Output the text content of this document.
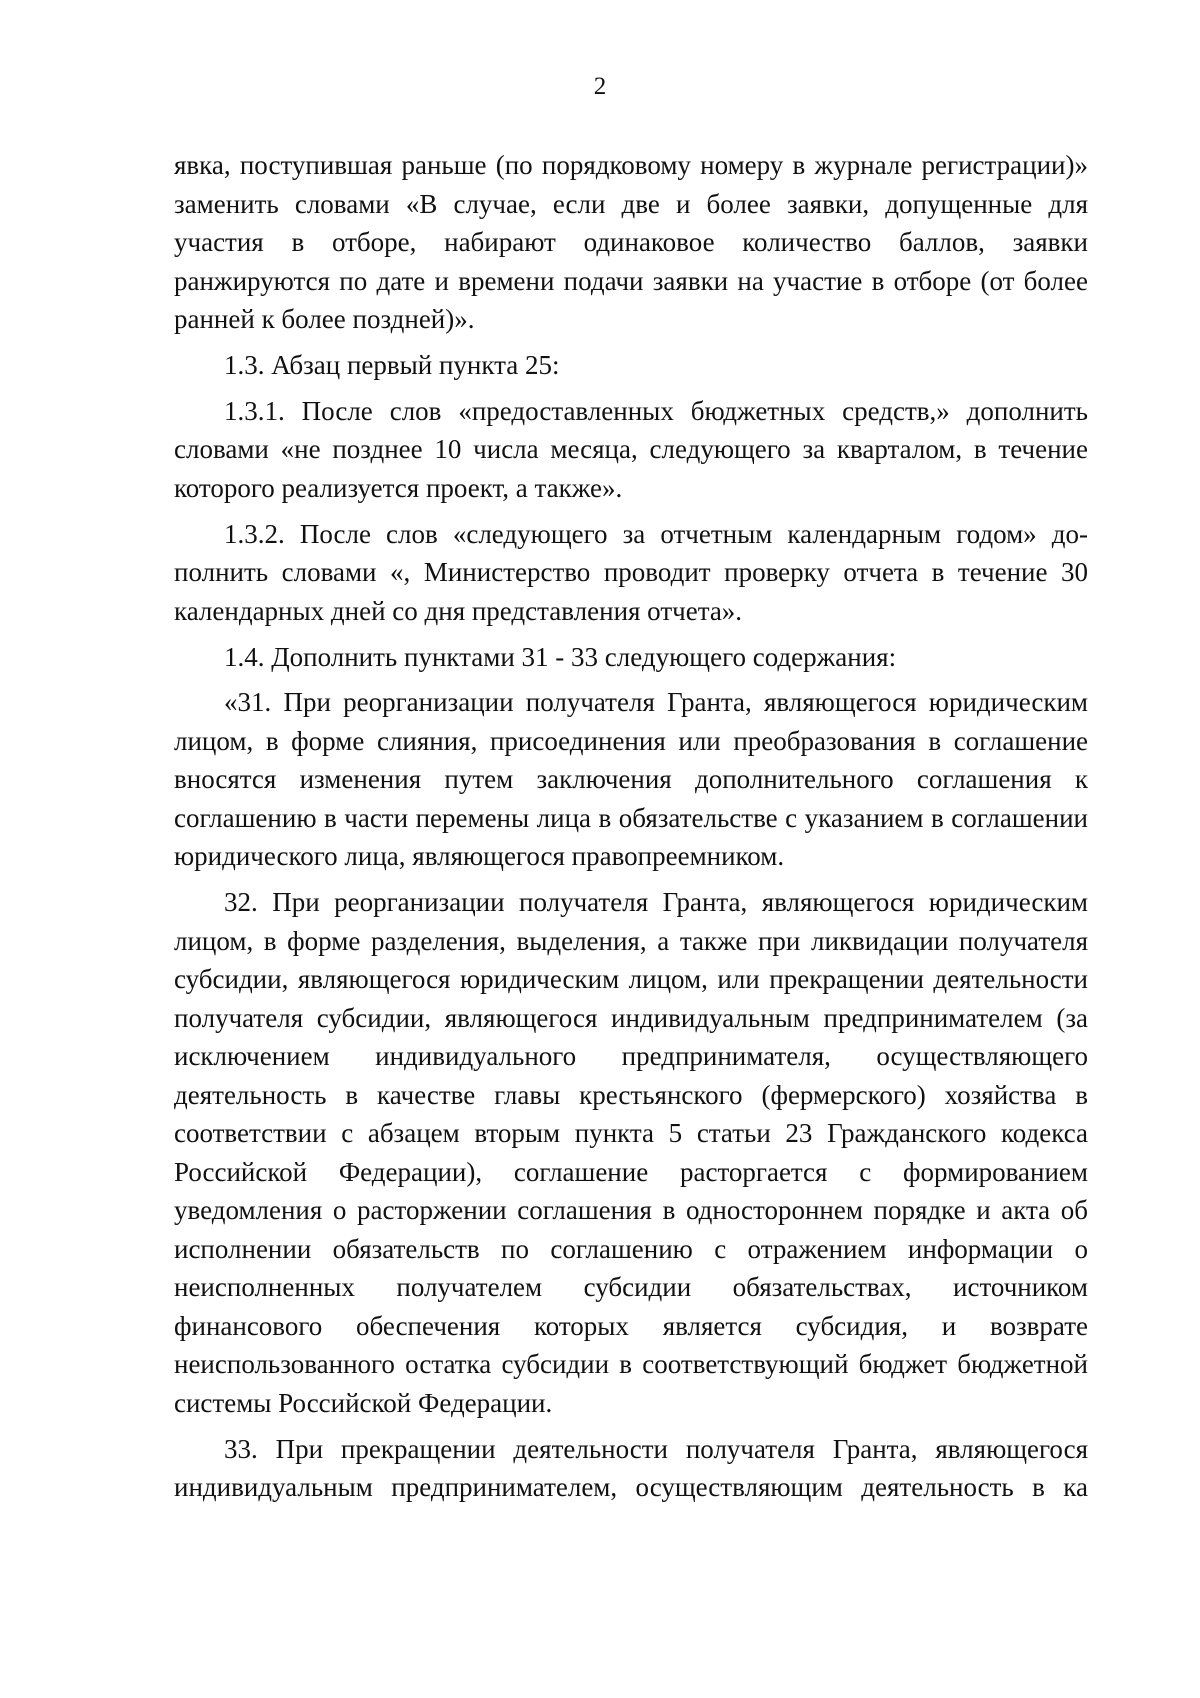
2

явка, поступившая раньше (по порядковому номеру в журнале регистрации)» заменить словами «В случае, если две и более заявки, допущенные для участия в отборе, набирают одинаковое количество баллов, заявки ранжируются по дате и времени подачи заявки на участие в отборе (от более ранней к более поздней)».

1.3. Абзац первый пункта 25:

1.3.1. После слов «предоставленных бюджетных средств,» дополнить словами «не позднее 10 числа месяца, следующего за кварталом, в течение которого реализуется проект, а также».

1.3.2. После слов «следующего за отчетным календарным годом» дополнить словами «, Министерство проводит проверку отчета в течение 30 календарных дней со дня представления отчета».

1.4. Дополнить пунктами 31 - 33 следующего содержания:

«31. При реорганизации получателя Гранта, являющегося юридическим лицом, в форме слияния, присоединения или преобразования в соглашение вносятся изменения путем заключения дополнительного соглашения к соглашению в части перемены лица в обязательстве с указанием в соглашении юридического лица, являющегося правопреемником.

32. При реорганизации получателя Гранта, являющегося юридическим лицом, в форме разделения, выделения, а также при ликвидации получателя субсидии, являющегося юридическим лицом, или прекращении деятельности получателя субсидии, являющегося индивидуальным предпринимателем (за исключением индивидуального предпринимателя, осуществляющего деятельность в качестве главы крестьянского (фермерского) хозяйства в соответствии с абзацем вторым пункта 5 статьи 23 Гражданского кодекса Российской Федерации), соглашение расторгается с формированием уведомления о расторжении соглашения в одностороннем порядке и акта об исполнении обязательств по соглашению с отражением информации о неисполненных получателем субсидии обязательствах, источником финансового обеспечения которых является субсидия, и возврате неиспользованного остатка субсидии в соответствующий бюджет бюджетной системы Российской Федерации.

33. При прекращении деятельности получателя Гранта, являющегося индивидуальным предпринимателем, осуществляющим деятельность в ка
